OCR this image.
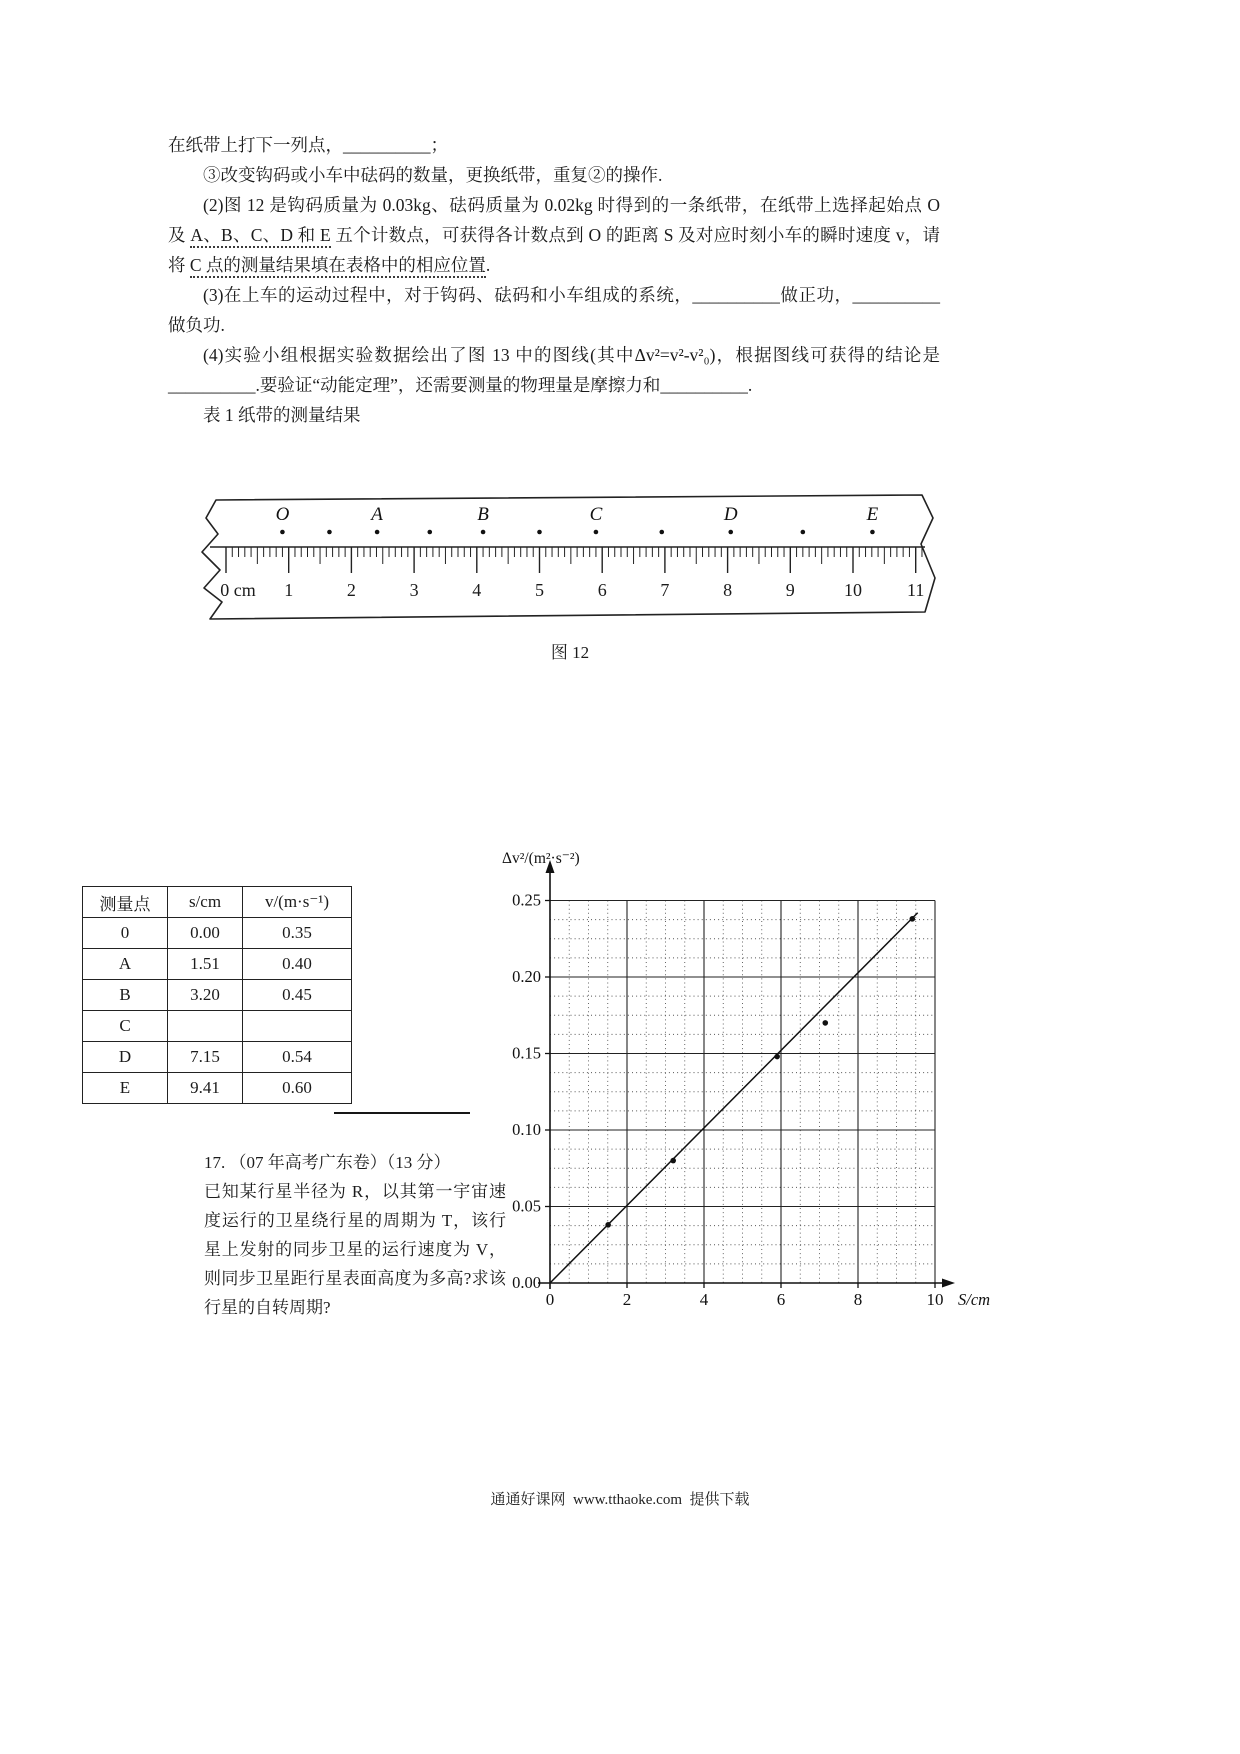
在纸带上打下一列点，__________；

③改变钩码或小车中砝码的数量，更换纸带，重复②的操作.

(2)图 12 是钩码质量为 0.03kg、砝码质量为 0.02kg 时得到的一条纸带，在纸带上选择起始点 O 及 A、B、C、D 和 E 五个计数点，可获得各计数点到 O 的距离 S 及对应时刻小车的瞬时速度 v，请将 C 点的测量结果填在表格中的相应位置.

(3)在上车的运动过程中，对于钩码、砝码和小车组成的系统，__________做正功，__________做负功.

(4)实验小组根据实验数据绘出了图 13 中的图线(其中Δv²=v²-v²₀)，根据图线可获得的结论是__________.要验证“动能定理”，还需要测量的物理量是摩擦力和__________.

表 1 纸带的测量结果

0 cm 1	2	3	4	5	6	7	8	9	10	11
O	A	B	C	D	E
图 12
测量点	s/cm	v/(m·s⁻¹)
0	0.00	0.35
A	1.51	0.40
B	3.20	0.45
C		
D	7.15	0.54
E	9.41	0.60

17. （07 年高考广东卷）（13 分）

已知某行星半径为 R，以其第一宇宙速度运行的卫星绕行星的周期为 T，该行星上发射的同步卫星的运行速度为 V，则同步卫星距行星表面高度为多高?求该行星的自转周期?

0.00
0.05
0.10
0.15
0.20
0.25
0	2	4	6	8	10
Δv²/(m²·s⁻²)
S/cm
通通好课网  www.tthaoke.com  提供下载
